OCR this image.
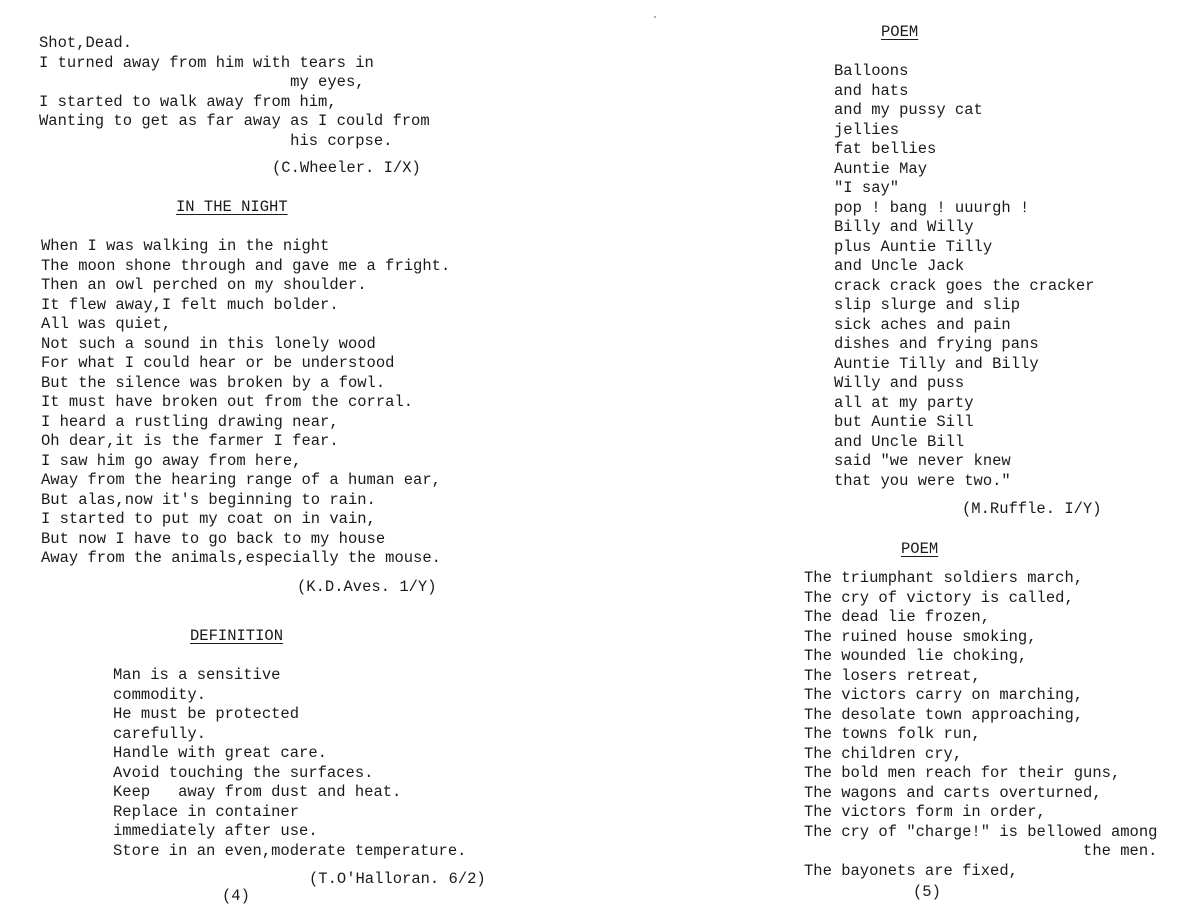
Shot,Dead.
I turned away from him with tears in
my eyes,
I started to walk away from him,
Wanting to get as far away as I could from
his corpse.
(C.Wheeler. I/X)
IN THE NIGHT
When I was walking in the night
The moon shone through and gave me a fright.
Then an owl perched on my shoulder.
It flew away,I felt much bolder.
All was quiet,
Not such a sound in this lonely wood
For what I could hear or be understood
But the silence was broken by a fowl.
It must have broken out from the corral.
I heard a rustling drawing near,
Oh dear,it is the farmer I fear.
I saw him go away from here,
Away from the hearing range of a human ear,
But alas,now it's beginning to rain.
I started to put my coat on in vain,
But now I have to go back to my house
Away from the animals,especially the mouse.
(K.D.Aves. 1/Y)
DEFINITION
Man is a sensitive
commodity.
He must be protected
carefully.
Handle with great care.
Avoid touching the surfaces.
Keep   away from dust and heat.
Replace in container
immediately after use.
Store in an even,moderate temperature.
(T.O'Halloran. 6/2)
(4)
POEM
Balloons
and hats
and my pussy cat
jellies
fat bellies
Auntie May
"I say"
pop ! bang ! uuurgh !
Billy and Willy
plus Auntie Tilly
and Uncle Jack
crack crack goes the cracker
slip slurge and slip
sick aches and pain
dishes and frying pans
Auntie Tilly and Billy
Willy and puss
all at my party
but Auntie Sill
and Uncle Bill
said "we never knew
that you were two."
(M.Ruffle. I/Y)
POEM
The triumphant soldiers march,
The cry of victory is called,
The dead lie frozen,
The ruined house smoking,
The wounded lie choking,
The losers retreat,
The victors carry on marching,
The desolate town approaching,
The towns folk run,
The children cry,
The bold men reach for their guns,
The wagons and carts overturned,
The victors form in order,
The cry of "charge!" is bellowed among
the men.
The bayonets are fixed,
(5)
